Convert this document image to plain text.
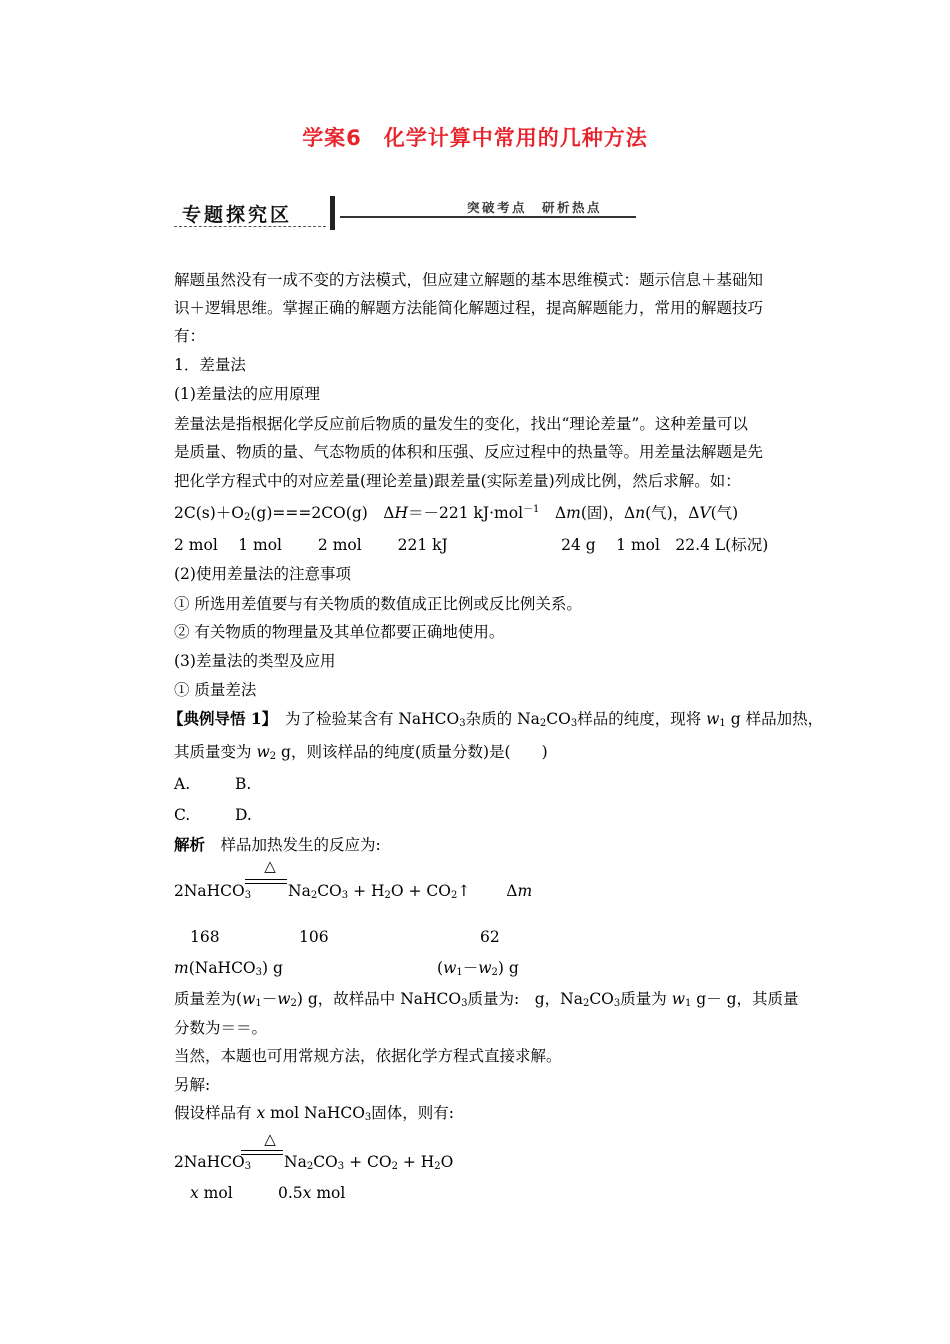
学案6　化学计算中常用的几种方法
专题探究区	突破考点　研析热点
解题虽然没有一成不变的方法模式，但应建立解题的基本思维模式：题示信息＋基础知
识＋逻辑思维。掌握正确的解题方法能简化解题过程，提高解题能力，常用的解题技巧
有：
1．差量法
(1)差量法的应用原理
差量法是指根据化学反应前后物质的量发生的变化，找出“理论差量”。这种差量可以
是质量、物质的量、气态物质的体积和压强、反应过程中的热量等。用差量法解题是先
把化学方程式中的对应差量(理论差量)跟差量(实际差量)列成比例，然后求解。如：
$2C(s)+O_2(g)===2CO(g)$　ΔH＝－221 kJ·mol$^{-1}$　Δm(固)，Δn(气)，ΔV(气)
2 mol　 1 mol　　 2 mol　　 221 kJ　　　　　　　 24 g　 1 mol　22.4 L(标况)
(2)使用差量法的注意事项
① 所选用差值要与有关物质的数值成正比例或反比例关系。
② 有关物质的物理量及其单位都要正确地使用。
(3)差量法的类型及应用
① 质量差法
【典例导悟 1】　为了检验某含有 NaHCO$_3$杂质的 $Na_2CO_3$样品的纯度，现将 $w_1$ g 样品加热，
其质量变为 $w_2$ g，则该样品的纯度(质量分数)是(　　)
A.	B.
C.	D.
解析　样品加热发生的反应为:
△
2NaHCO$_3$ $Na_2CO_3 + H_2O$ + $CO_2↑$　　 Δm
168	106	62
m(NaHCO$_3$) g	$(w_1-w_2)$ g
质量差为$(w_1-w_2)$ g，故样品中 NaHCO$_3$质量为:　g，$Na_2CO_3$质量为 $w_1$ g－ g，其质量
分数为＝＝。
当然，本题也可用常规方法，依据化学方程式直接求解。
另解:
假设样品有 x mol NaHCO$_3$固体，则有:
△
2NaHCO$_3$ $Na_2CO_3 + CO_2 + H_2O$
x mol	0.5x mol
